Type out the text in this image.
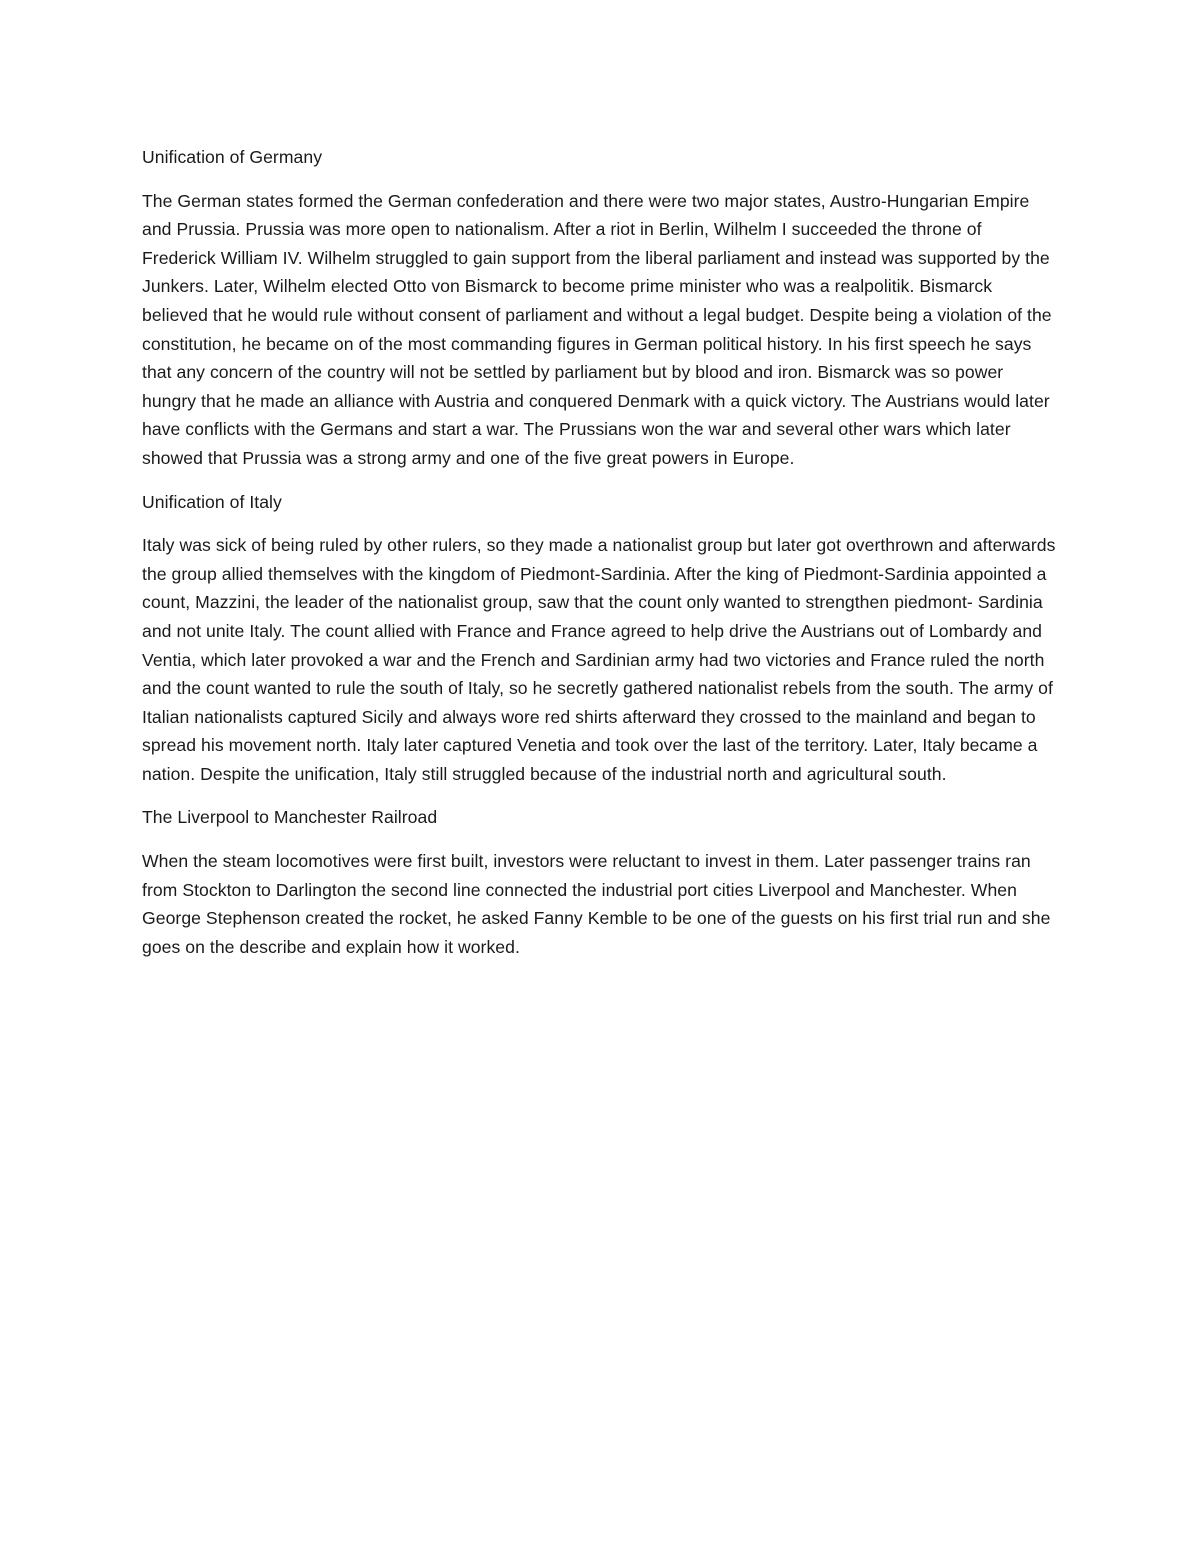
Unification of Germany

The German states formed the German confederation and there were two major states, Austro-Hungarian Empire and Prussia. Prussia was more open to nationalism. After a riot in Berlin, Wilhelm I succeeded the throne of Frederick William IV. Wilhelm struggled to gain support from the liberal parliament and instead was supported by the Junkers. Later, Wilhelm elected Otto von Bismarck to become prime minister who was a realpolitik. Bismarck believed that he would rule without consent of parliament and without a legal budget. Despite being a violation of the constitution, he became on of the most commanding figures in German political history. In his first speech he says that any concern of the country will not be settled by parliament but by blood and iron. Bismarck was so power hungry that he made an alliance with Austria and conquered Denmark with a quick victory. The Austrians would later have conflicts with the Germans and start a war. The Prussians won the war and several other wars which later showed that Prussia was a strong army and one of the five great powers in Europe.

Unification of Italy

Italy was sick of being ruled by other rulers, so they made a nationalist group but later got overthrown and afterwards the group allied themselves with the kingdom of Piedmont-Sardinia. After the king of Piedmont-Sardinia appointed a count, Mazzini, the leader of the nationalist group, saw that the count only wanted to strengthen piedmont- Sardinia and not unite Italy. The count allied with France and France agreed to help drive the Austrians out of Lombardy and Ventia, which later provoked a war and the French and Sardinian army had two victories and France ruled the north and the count wanted to rule the south of Italy, so he secretly gathered nationalist rebels from the south. The army of Italian nationalists captured Sicily and always wore red shirts afterward they crossed to the mainland and began to spread his movement north. Italy later captured Venetia and took over the last of the territory. Later, Italy became a nation. Despite the unification, Italy still struggled because of the industrial north and agricultural south.

The Liverpool to Manchester Railroad

When the steam locomotives were first built, investors were reluctant to invest in them. Later passenger trains ran from Stockton to Darlington the second line connected the industrial port cities Liverpool and Manchester. When George Stephenson created the rocket, he asked Fanny Kemble to be one of the guests on his first trial run and she goes on the describe and explain how it worked.
